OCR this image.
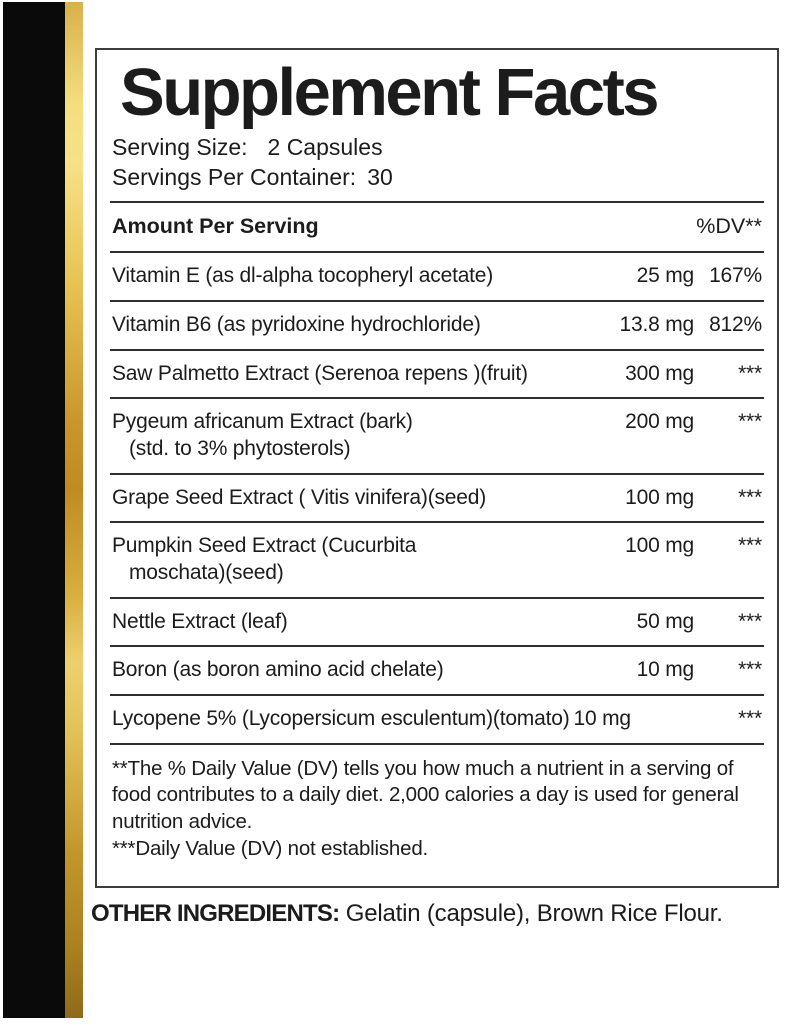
Supplement Facts
Serving Size: 2 Capsules
Servings Per Container: 30
Amount Per Serving	%DV**
Vitamin E (as dl-alpha tocopheryl acetate)	25 mg 167%
Vitamin B6 (as pyridoxine hydrochloride)	13.8 mg 812%
Saw Palmetto Extract (Serenoa repens )(fruit)	300 mg	***
Pygeum africanum Extract (bark)
(std. to 3% phytosterols)
200 mg	***
Grape Seed Extract ( Vitis vinifera)(seed)	100 mg	***
Pumpkin Seed Extract (Cucurbita
moschata)(seed)
100 mg	***
Nettle Extract (leaf)	50 mg	***
Boron (as boron amino acid chelate)	10 mg	***
Lycopene 5% (Lycopersicum esculentum)(tomato) 10 mg	***

**The % Daily Value (DV) tells you how much a nutrient in a serving of food contributes to a daily diet. 2,000 calories a day is used for general nutrition advice.

***Daily Value (DV) not established.

OTHER INGREDIENTS: Gelatin (capsule), Brown Rice Flour.
